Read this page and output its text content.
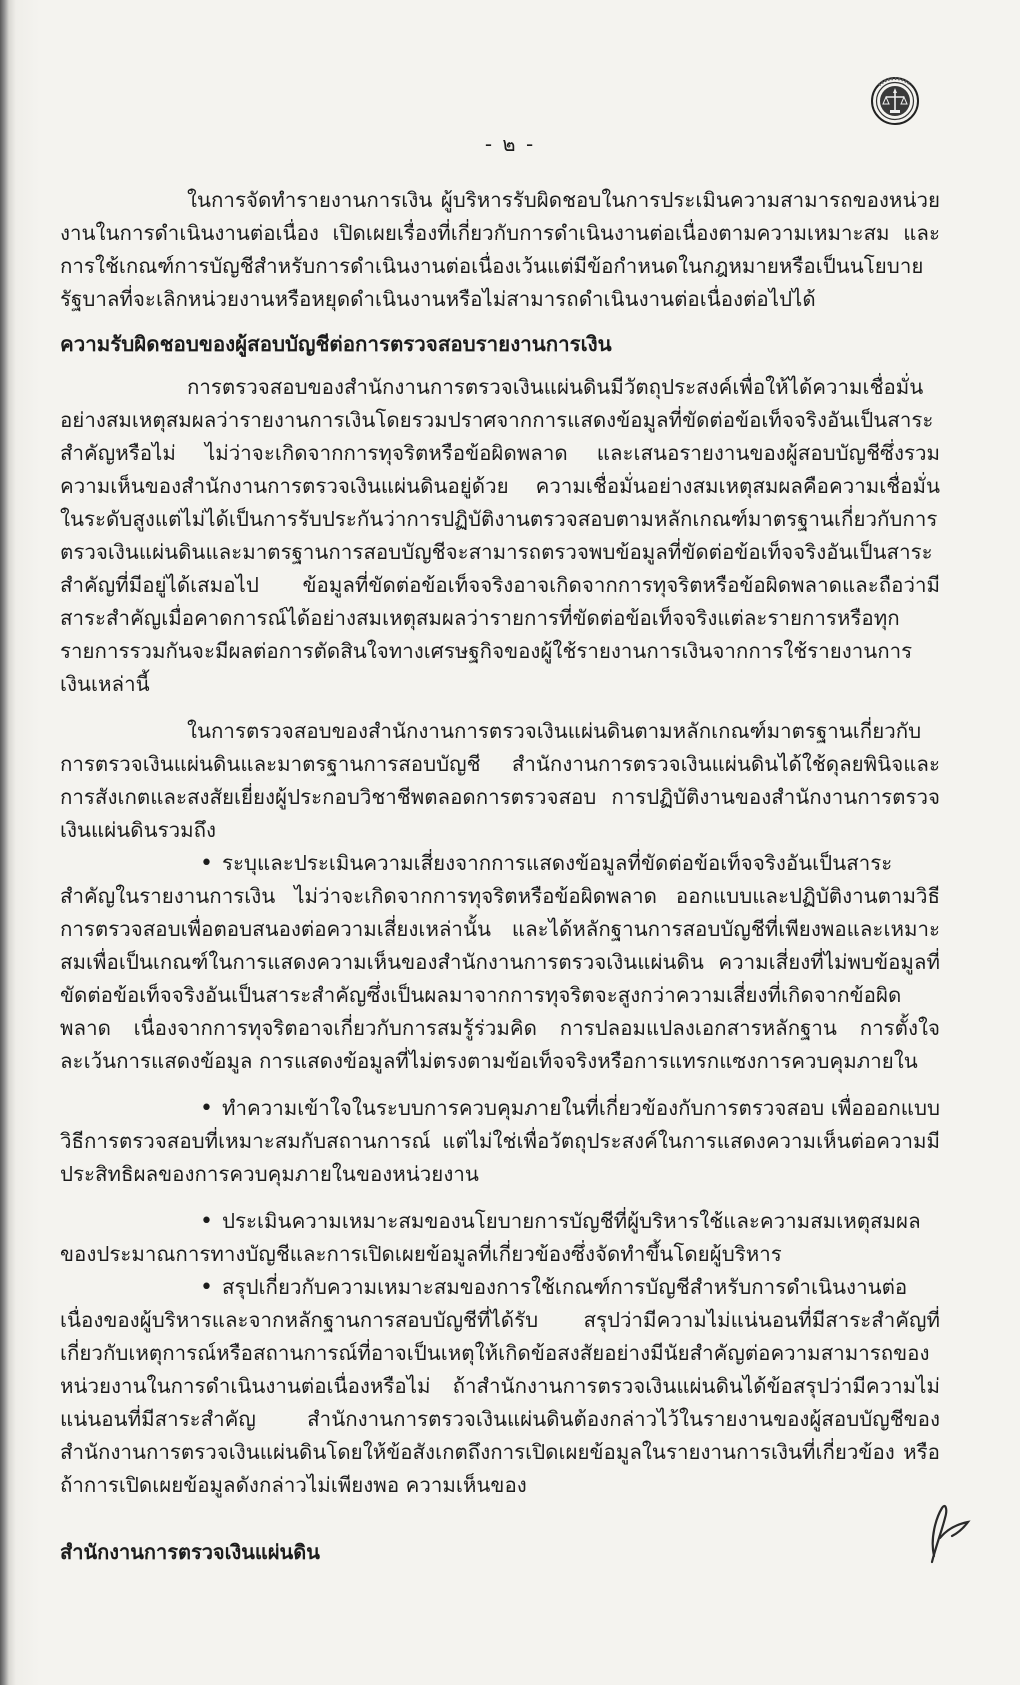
- ๒ -

ในการจัดทำรายงานการเงิน ผู้บริหารรับผิดชอบในการประเมินความสามารถของหน่วยงานในการดำเนินงานต่อเนื่อง เปิดเผยเรื่องที่เกี่ยวกับการดำเนินงานต่อเนื่องตามความเหมาะสม และการใช้เกณฑ์การบัญชีสำหรับการดำเนินงานต่อเนื่องเว้นแต่มีข้อกำหนดในกฎหมายหรือเป็นนโยบายรัฐบาลที่จะเลิกหน่วยงานหรือหยุดดำเนินงานหรือไม่สามารถดำเนินงานต่อเนื่องต่อไปได้

ความรับผิดชอบของผู้สอบบัญชีต่อการตรวจสอบรายงานการเงิน

การตรวจสอบของสำนักงานการตรวจเงินแผ่นดินมีวัตถุประสงค์เพื่อให้ได้ความเชื่อมั่นอย่างสมเหตุสมผลว่ารายงานการเงินโดยรวมปราศจากการแสดงข้อมูลที่ขัดต่อข้อเท็จจริงอันเป็นสาระสำคัญหรือไม่ ไม่ว่าจะเกิดจากการทุจริตหรือข้อผิดพลาด และเสนอรายงานของผู้สอบบัญชีซึ่งรวมความเห็นของสำนักงานการตรวจเงินแผ่นดินอยู่ด้วย ความเชื่อมั่นอย่างสมเหตุสมผลคือความเชื่อมั่นในระดับสูงแต่ไม่ได้เป็นการรับประกันว่าการปฏิบัติงานตรวจสอบตามหลักเกณฑ์มาตรฐานเกี่ยวกับการตรวจเงินแผ่นดินและมาตรฐานการสอบบัญชีจะสามารถตรวจพบข้อมูลที่ขัดต่อข้อเท็จจริงอันเป็นสาระสำคัญที่มีอยู่ได้เสมอไป ข้อมูลที่ขัดต่อข้อเท็จจริงอาจเกิดจากการทุจริตหรือข้อผิดพลาดและถือว่ามีสาระสำคัญเมื่อคาดการณ์ได้อย่างสมเหตุสมผลว่ารายการที่ขัดต่อข้อเท็จจริงแต่ละรายการหรือทุกรายการรวมกันจะมีผลต่อการตัดสินใจทางเศรษฐกิจของผู้ใช้รายงานการเงินจากการใช้รายงานการเงินเหล่านี้

ในการตรวจสอบของสำนักงานการตรวจเงินแผ่นดินตามหลักเกณฑ์มาตรฐานเกี่ยวกับการตรวจเงินแผ่นดินและมาตรฐานการสอบบัญชี สำนักงานการตรวจเงินแผ่นดินได้ใช้ดุลยพินิจและการสังเกตและสงสัยเยี่ยงผู้ประกอบวิชาชีพตลอดการตรวจสอบ การปฏิบัติงานของสำนักงานการตรวจเงินแผ่นดินรวมถึง

• ระบุและประเมินความเสี่ยงจากการแสดงข้อมูลที่ขัดต่อข้อเท็จจริงอันเป็นสาระสำคัญในรายงานการเงิน ไม่ว่าจะเกิดจากการทุจริตหรือข้อผิดพลาด ออกแบบและปฏิบัติงานตามวิธีการตรวจสอบเพื่อตอบสนองต่อความเสี่ยงเหล่านั้น และได้หลักฐานการสอบบัญชีที่เพียงพอและเหมาะสมเพื่อเป็นเกณฑ์ในการแสดงความเห็นของสำนักงานการตรวจเงินแผ่นดิน ความเสี่ยงที่ไม่พบข้อมูลที่ขัดต่อข้อเท็จจริงอันเป็นสาระสำคัญซึ่งเป็นผลมาจากการทุจริตจะสูงกว่าความเสี่ยงที่เกิดจากข้อผิดพลาด เนื่องจากการทุจริตอาจเกี่ยวกับการสมรู้ร่วมคิด การปลอมแปลงเอกสารหลักฐาน การตั้งใจละเว้นการแสดงข้อมูล การแสดงข้อมูลที่ไม่ตรงตามข้อเท็จจริงหรือการแทรกแซงการควบคุมภายใน

• ทำความเข้าใจในระบบการควบคุมภายในที่เกี่ยวข้องกับการตรวจสอบ เพื่อออกแบบวิธีการตรวจสอบที่เหมาะสมกับสถานการณ์ แต่ไม่ใช่เพื่อวัตถุประสงค์ในการแสดงความเห็นต่อความมีประสิทธิผลของการควบคุมภายในของหน่วยงาน

• ประเมินความเหมาะสมของนโยบายการบัญชีที่ผู้บริหารใช้และความสมเหตุสมผลของประมาณการทางบัญชีและการเปิดเผยข้อมูลที่เกี่ยวข้องซึ่งจัดทำขึ้นโดยผู้บริหาร

• สรุปเกี่ยวกับความเหมาะสมของการใช้เกณฑ์การบัญชีสำหรับการดำเนินงานต่อเนื่องของผู้บริหารและจากหลักฐานการสอบบัญชีที่ได้รับ สรุปว่ามีความไม่แน่นอนที่มีสาระสำคัญที่เกี่ยวกับเหตุการณ์หรือสถานการณ์ที่อาจเป็นเหตุให้เกิดข้อสงสัยอย่างมีนัยสำคัญต่อความสามารถของหน่วยงานในการดำเนินงานต่อเนื่องหรือไม่ ถ้าสำนักงานการตรวจเงินแผ่นดินได้ข้อสรุปว่ามีความไม่แน่นอนที่มีสาระสำคัญ สำนักงานการตรวจเงินแผ่นดินต้องกล่าวไว้ในรายงานของผู้สอบบัญชีของสำนักงานการตรวจเงินแผ่นดินโดยให้ข้อสังเกตถึงการเปิดเผยข้อมูลในรายงานการเงินที่เกี่ยวข้อง หรือถ้าการเปิดเผยข้อมูลดังกล่าวไม่เพียงพอ ความเห็นของ

สำนักงานการตรวจเงินแผ่นดิน
